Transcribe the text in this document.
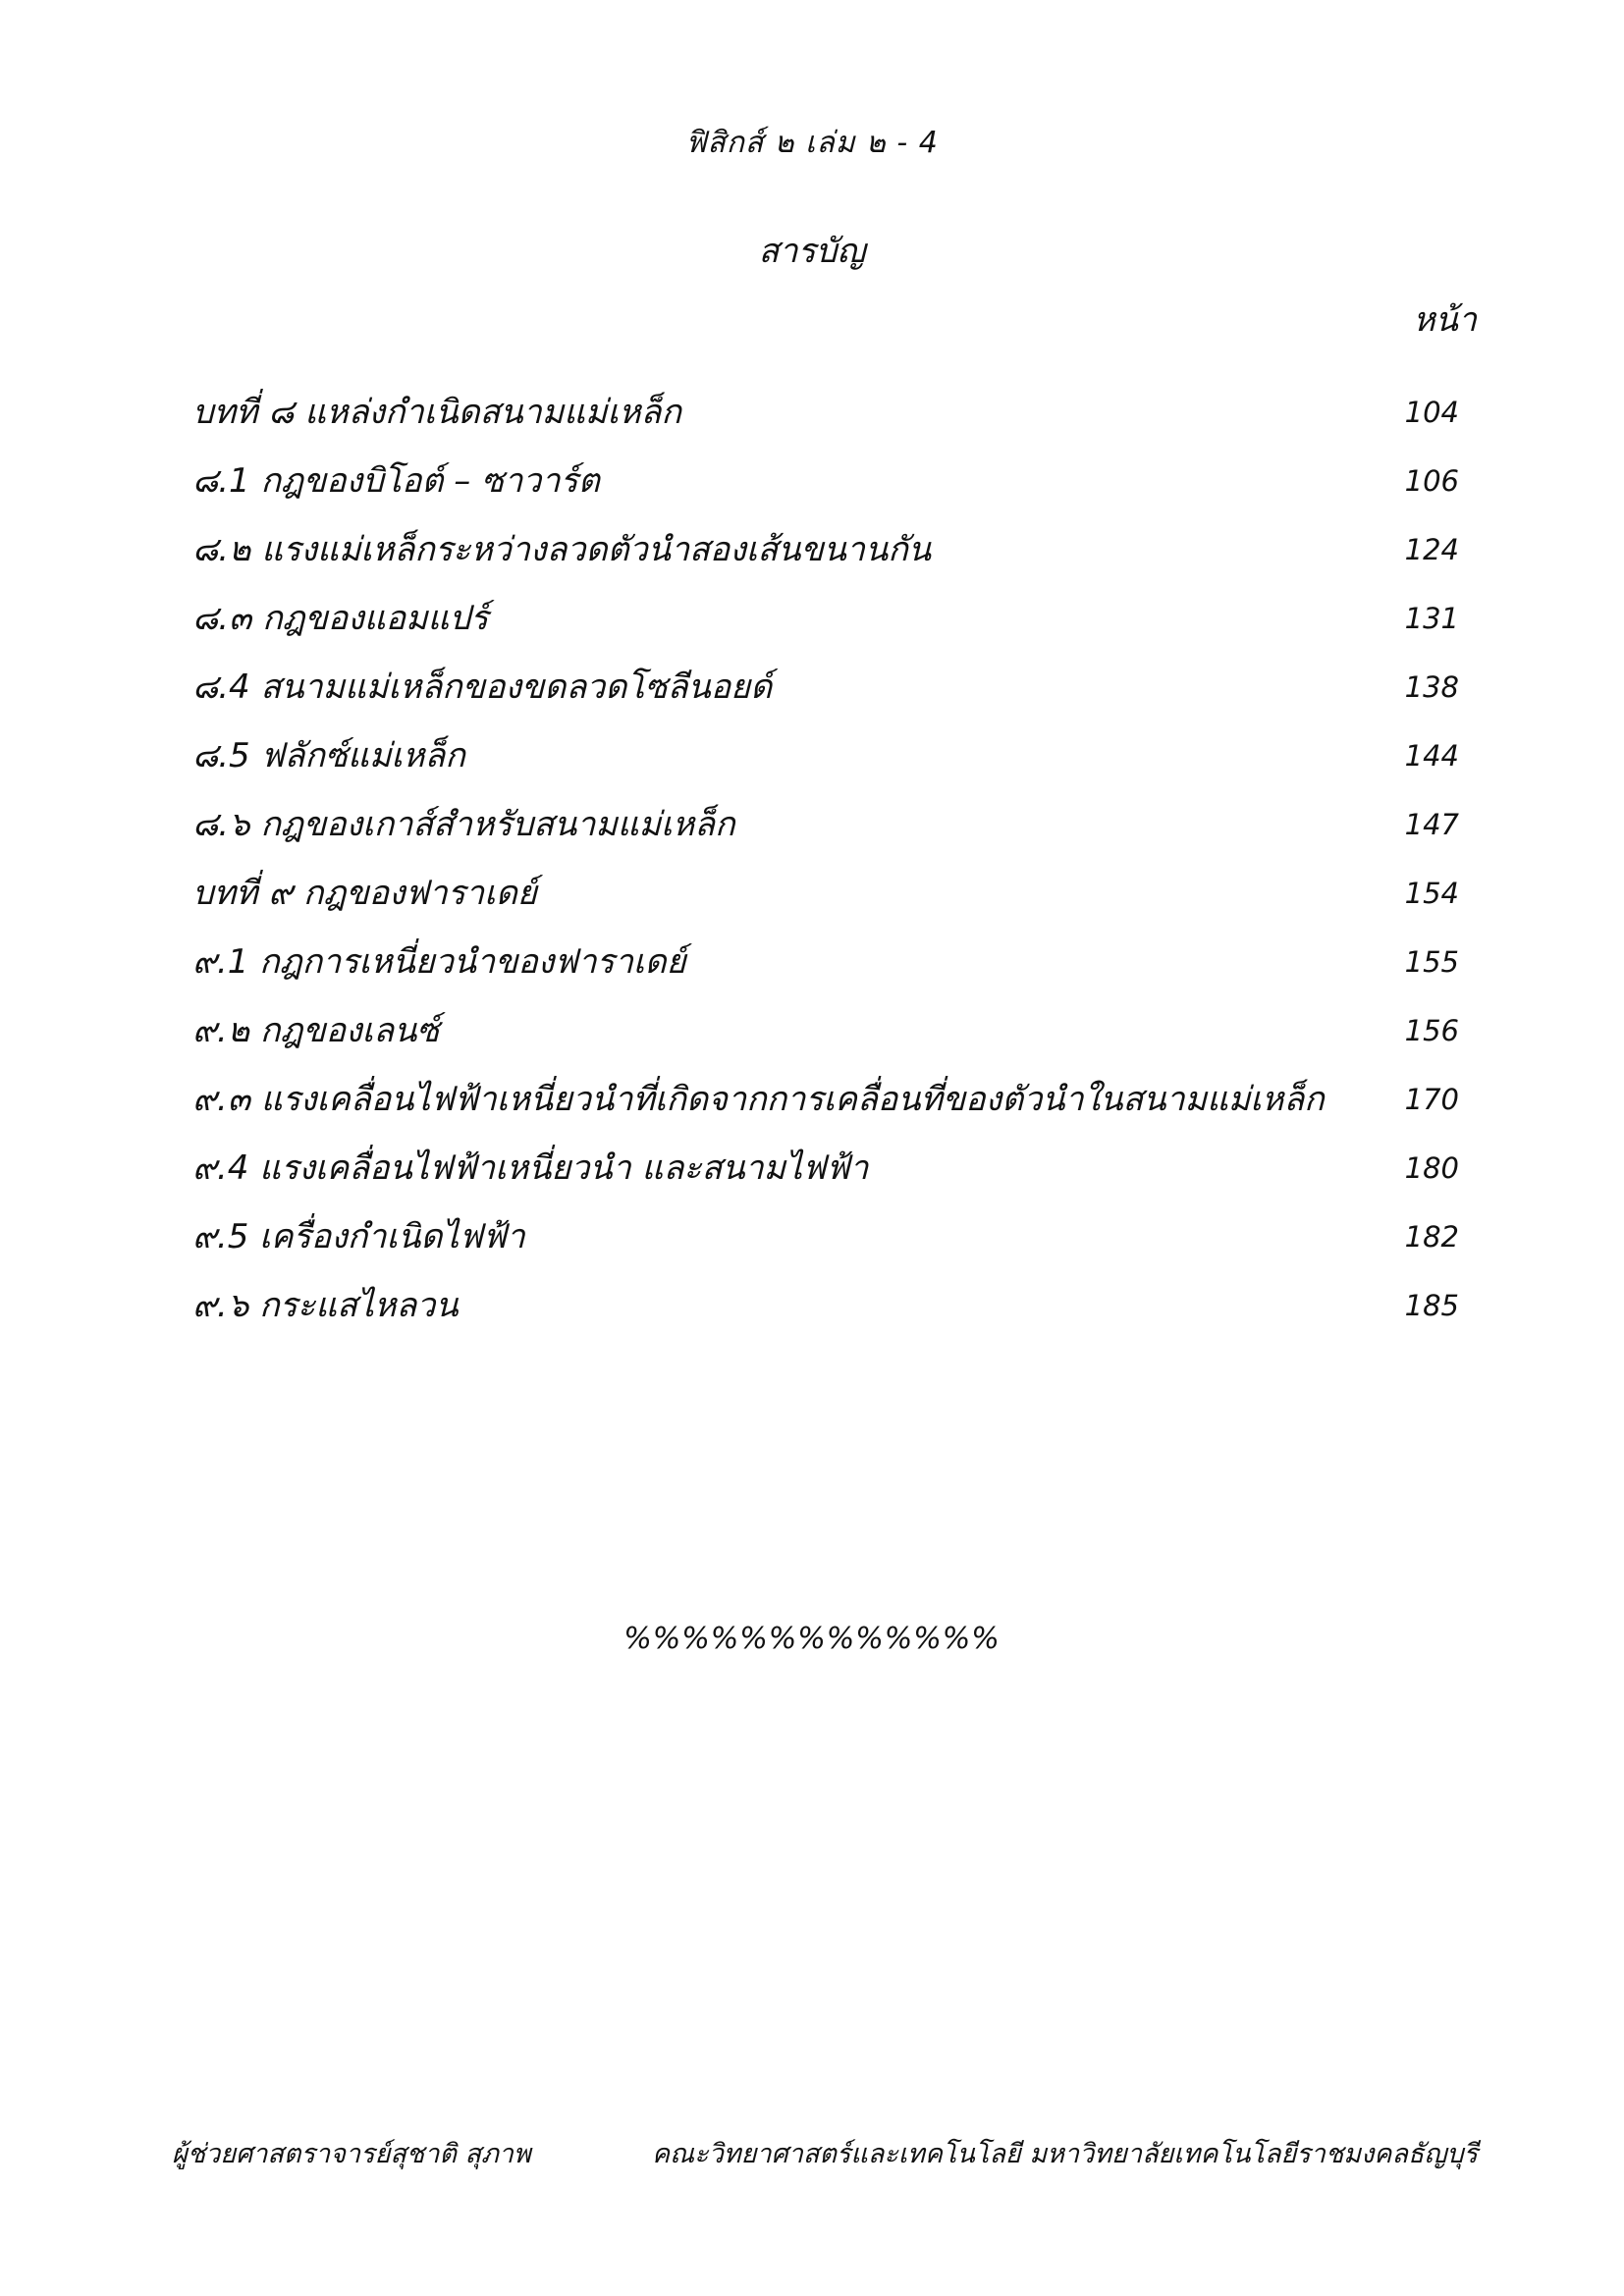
ฟิสิกส์ ๒ เล่ม ๒ - 4
สารบัญ
หน้า
บทที่ ๘ แหล่งกำเนิดสนามแม่เหล็ก	104
๘.1 กฎของบิโอต์ – ซาวาร์ต	106
๘.๒ แรงแม่เหล็กระหว่างลวดตัวนำสองเส้นขนานกัน	124
๘.๓ กฎของแอมแปร์	131
๘.4 สนามแม่เหล็กของขดลวดโซลีนอยด์	138
๘.5 ฟลักซ์แม่เหล็ก	144
๘.๖ กฎของเกาส์สำหรับสนามแม่เหล็ก	147
บทที่ ๙ กฎของฟาราเดย์	154
๙.1 กฎการเหนี่ยวนำของฟาราเดย์	155
๙.๒ กฎของเลนซ์	156
๙.๓ แรงเคลื่อนไฟฟ้าเหนี่ยวนำที่เกิดจากการเคลื่อนที่ของตัวนำในสนามแม่เหล็ก	170
๙.4 แรงเคลื่อนไฟฟ้าเหนี่ยวนำ และสนามไฟฟ้า	180
๙.5 เครื่องกำเนิดไฟฟ้า	182
๙.๖ กระแสไหลวน	185
%%%%%%%%%%%%%
ผู้ช่วยศาสตราจารย์สุชาติ สุภาพ	คณะวิทยาศาสตร์และเทคโนโลยี มหาวิทยาลัยเทคโนโลยีราชมงคลธัญบุรี
